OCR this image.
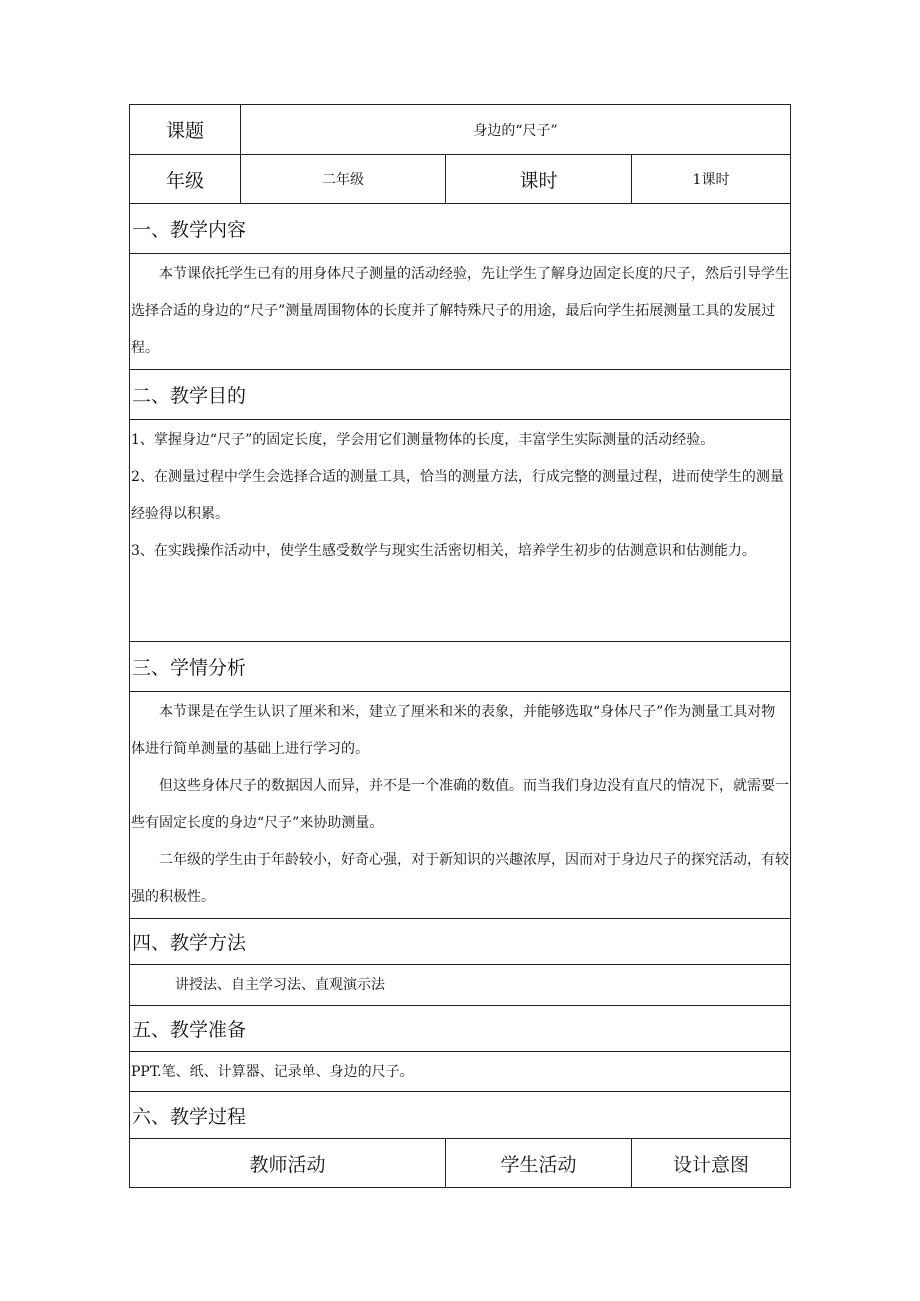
课题	身边的“尺子”		
年级	二年级	课时	1课时
一、教学内容			

本节课依托学生已有的用身体尺子测量的活动经验，先让学生了解身边固定长度的尺子，然后引导学生选择合适的身边的“尺子”测量周围物体的长度并了解特殊尺子的用途，最后向学生拓展测量工具的发展过程。			

二、教学目的			

1、掌握身边“尺子”的固定长度，学会用它们测量物体的长度，丰富学生实际测量的活动经验。

2、在测量过程中学生会选择合适的测量工具，恰当的测量方法，行成完整的测量过程，进而使学生的测量经验得以积累。

3、在实践操作活动中，使学生感受数学与现实生活密切相关，培养学生初步的估测意识和估测能力。			

三、学情分析			

本节课是在学生认识了厘米和米，建立了厘米和米的表象，并能够选取“身体尺子”作为测量工具对物体进行简单测量的基础上进行学习的。

但这些身体尺子的数据因人而异，并不是一个准确的数值。而当我们身边没有直尺的情况下，就需要一些有固定长度的身边“尺子”来协助测量。

二年级的学生由于年龄较小，好奇心强，对于新知识的兴趣浓厚，因而对于身边尺子的探究活动，有较强的积极性。			

四、教学方法			

讲授法、自主学习法、直观演示法			

五、教学准备			

PPT.笔、纸、计算器、记录单、身边的尺子。			

六、教学过程			
教师活动		学生活动	设计意图
